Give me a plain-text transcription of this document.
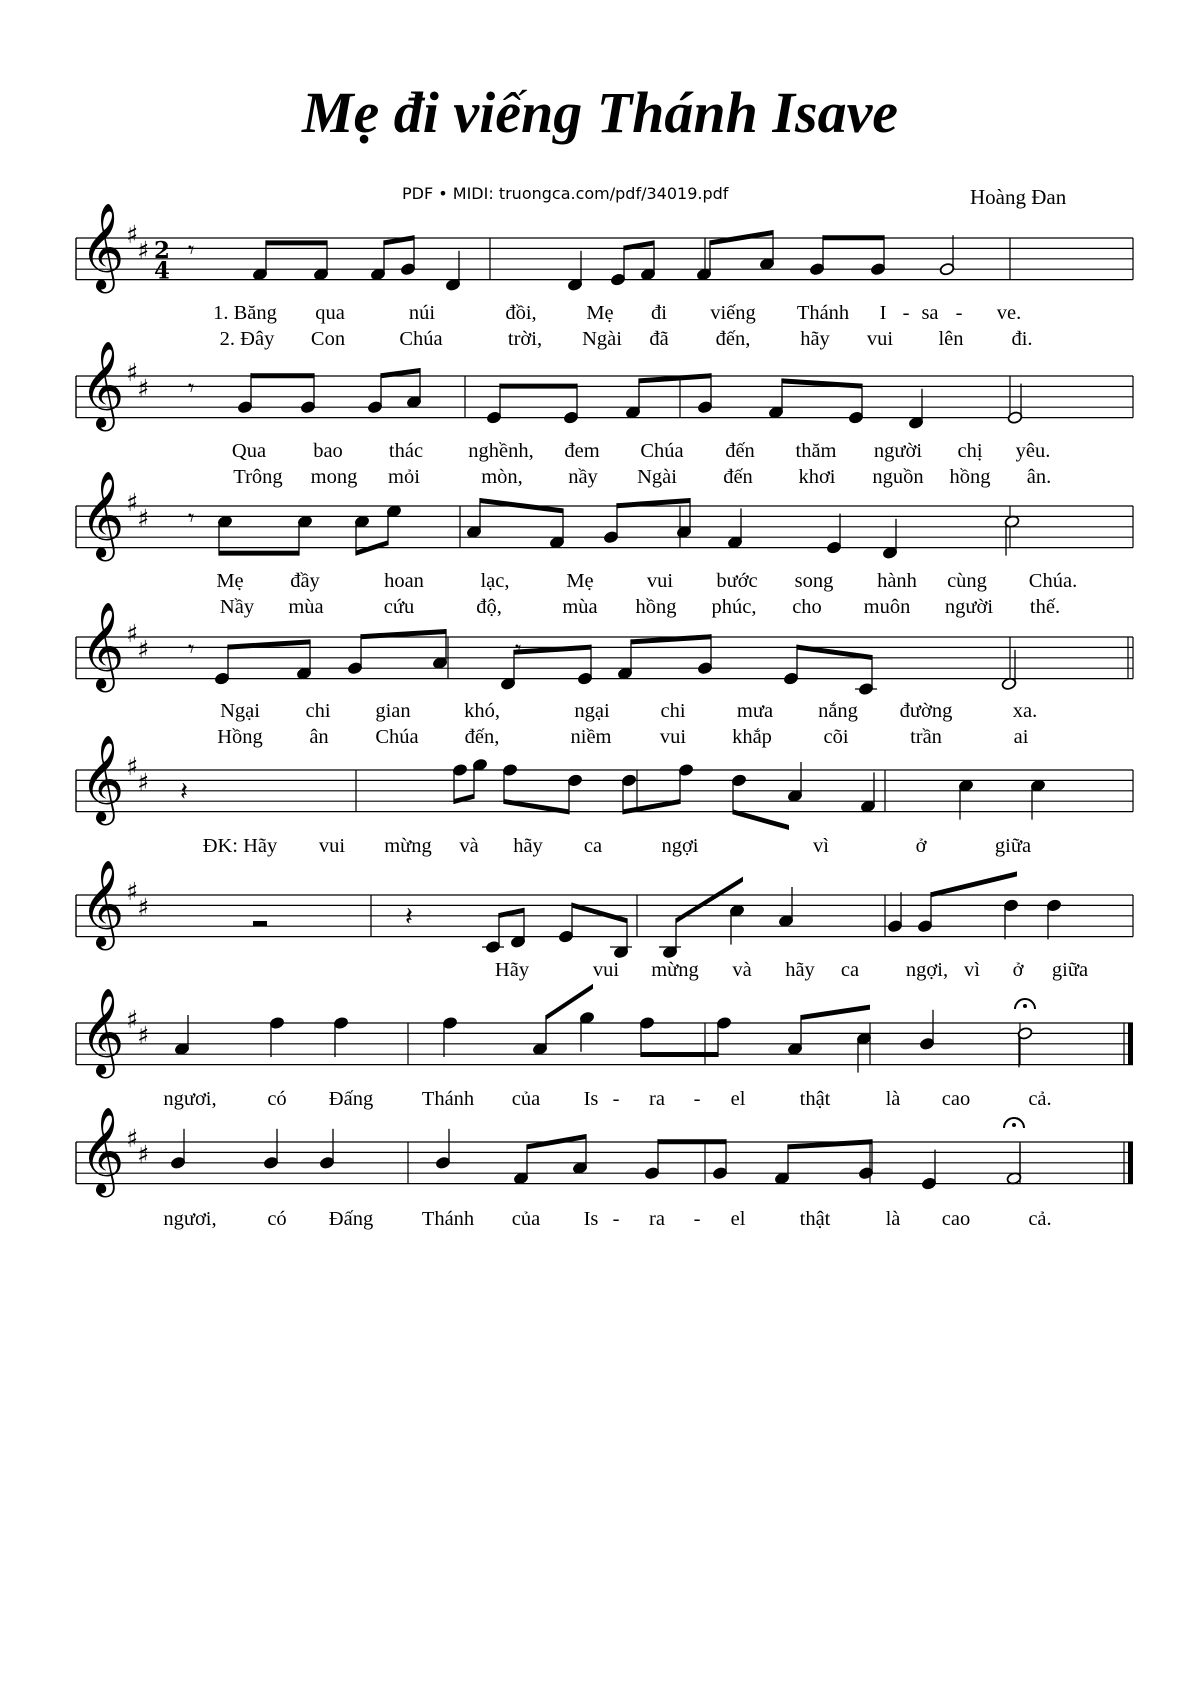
Mẹ đi viếng Thánh Isave
PDF • MIDI: truongca.com/pdf/34019.pdf	Hoàng Đan
𝄞 ♯
♯ 2
4
1. Băng qua	núi	đồi, Mẹ đi viếng Thánh I - sa - ve.
2. Đây Con	Chúa	trời, Ngài đã đến, hãy vui lên đi.
𝄞 ♯
♯
Qua bao thác nghềnh, đem Chúa đến thăm người chị yêu.
Trông mong mỏi	mòn, nầy Ngài đến khơi nguồn hồng ân.
𝄞 ♯
♯
Mẹ đầy	hoan	lạc,	Mẹ	vui bước song hành cùng Chúa.
Nầy mùa	cứu	độ,	mùa hồng phúc, cho muôn người thế.
𝄞 ♯
♯
Ngại chi gian	khó,	ngại chi	mưa nắng đường	xa.
Hồng ân Chúa đến,	niềm vui khắp	cõi	trần	ai
𝄞 ♯
♯
ĐK: Hãy vui mừng và hãy ca	ngợi	vì	ở	giữa
𝄞 ♯
♯
Hãy	vui mừng và hãy ca ngợi, vì ở giữa
𝄞 ♯
♯
ngươi, có Đấng Thánh của Is - ra - el	thật	là cao	cả.
𝄞 ♯
♯
ngươi, có Đấng Thánh của Is - ra - el	thật	là cao	cả.
𝄾
𝄾
𝄾
𝄾	𝄾
𝄽
𝄽
